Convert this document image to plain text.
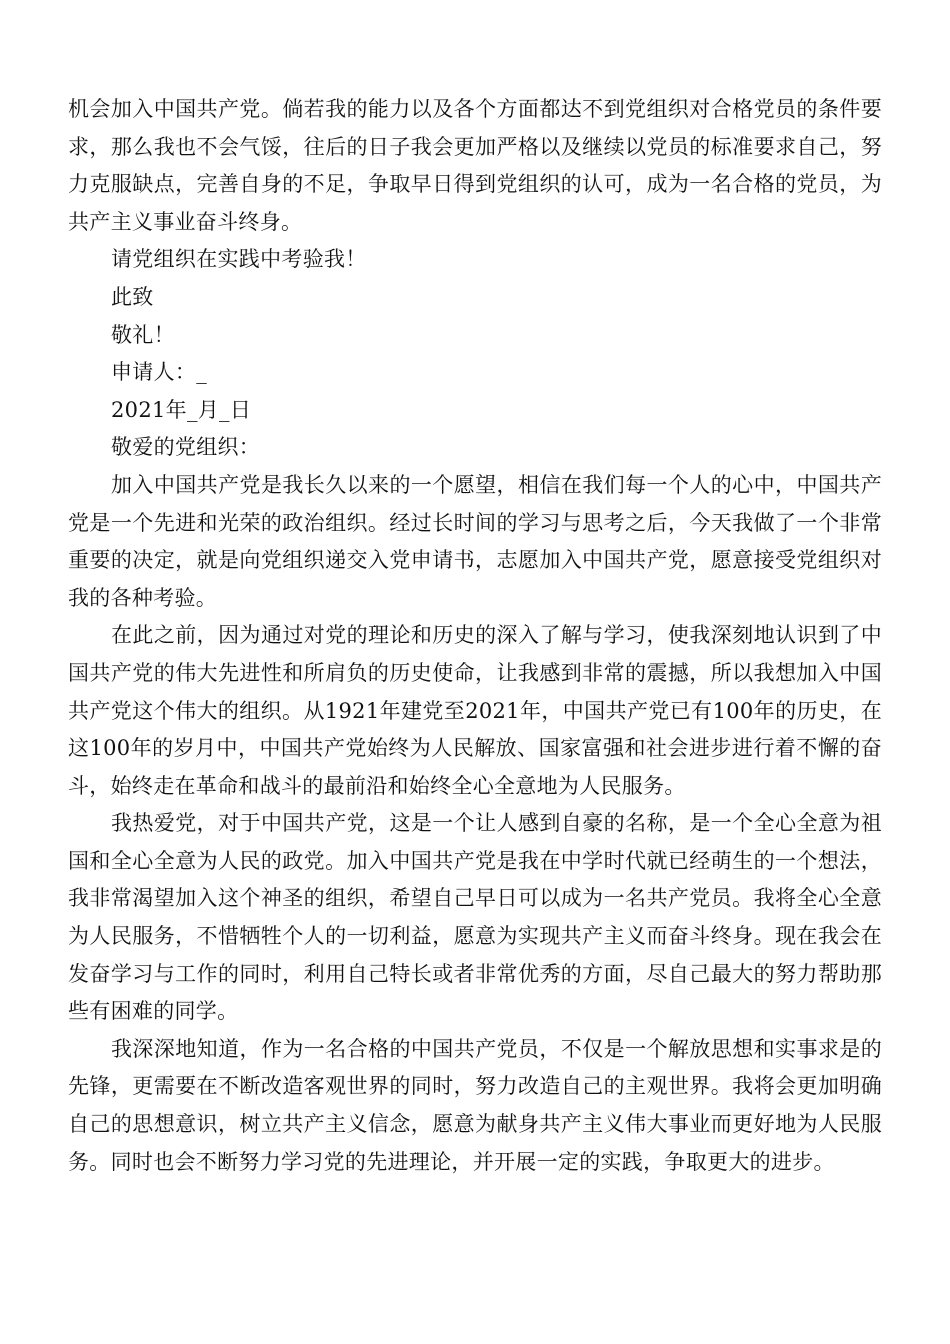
机会加入中国共产党。倘若我的能力以及各个方面都达不到党组织对合格党员的条件要求，那么我也不会气馁，往后的日子我会更加严格以及继续以党员的标准要求自己，努力克服缺点，完善自身的不足，争取早日得到党组织的认可，成为一名合格的党员，为共产主义事业奋斗终身。

请党组织在实践中考验我！

此致

敬礼！

申请人：_

2021年_月_日

敬爱的党组织：

加入中国共产党是我长久以来的一个愿望，相信在我们每一个人的心中，中国共产党是一个先进和光荣的政治组织。经过长时间的学习与思考之后，今天我做了一个非常重要的决定，就是向党组织递交入党申请书，志愿加入中国共产党，愿意接受党组织对我的各种考验。

在此之前，因为通过对党的理论和历史的深入了解与学习，使我深刻地认识到了中国共产党的伟大先进性和所肩负的历史使命，让我感到非常的震撼，所以我想加入中国共产党这个伟大的组织。从1921年建党至2021年，中国共产党已有100年的历史，在这100年的岁月中，中国共产党始终为人民解放、国家富强和社会进步进行着不懈的奋斗，始终走在革命和战斗的最前沿和始终全心全意地为人民服务。

我热爱党，对于中国共产党，这是一个让人感到自豪的名称，是一个全心全意为祖国和全心全意为人民的政党。加入中国共产党是我在中学时代就已经萌生的一个想法，我非常渴望加入这个神圣的组织，希望自己早日可以成为一名共产党员。我将全心全意为人民服务，不惜牺牲个人的一切利益，愿意为实现共产主义而奋斗终身。现在我会在发奋学习与工作的同时，利用自己特长或者非常优秀的方面，尽自己最大的努力帮助那些有困难的同学。

我深深地知道，作为一名合格的中国共产党员，不仅是一个解放思想和实事求是的先锋，更需要在不断改造客观世界的同时，努力改造自己的主观世界。我将会更加明确自己的思想意识，树立共产主义信念，愿意为献身共产主义伟大事业而更好地为人民服务。同时也会不断努力学习党的先进理论，并开展一定的实践，争取更大的进步。
